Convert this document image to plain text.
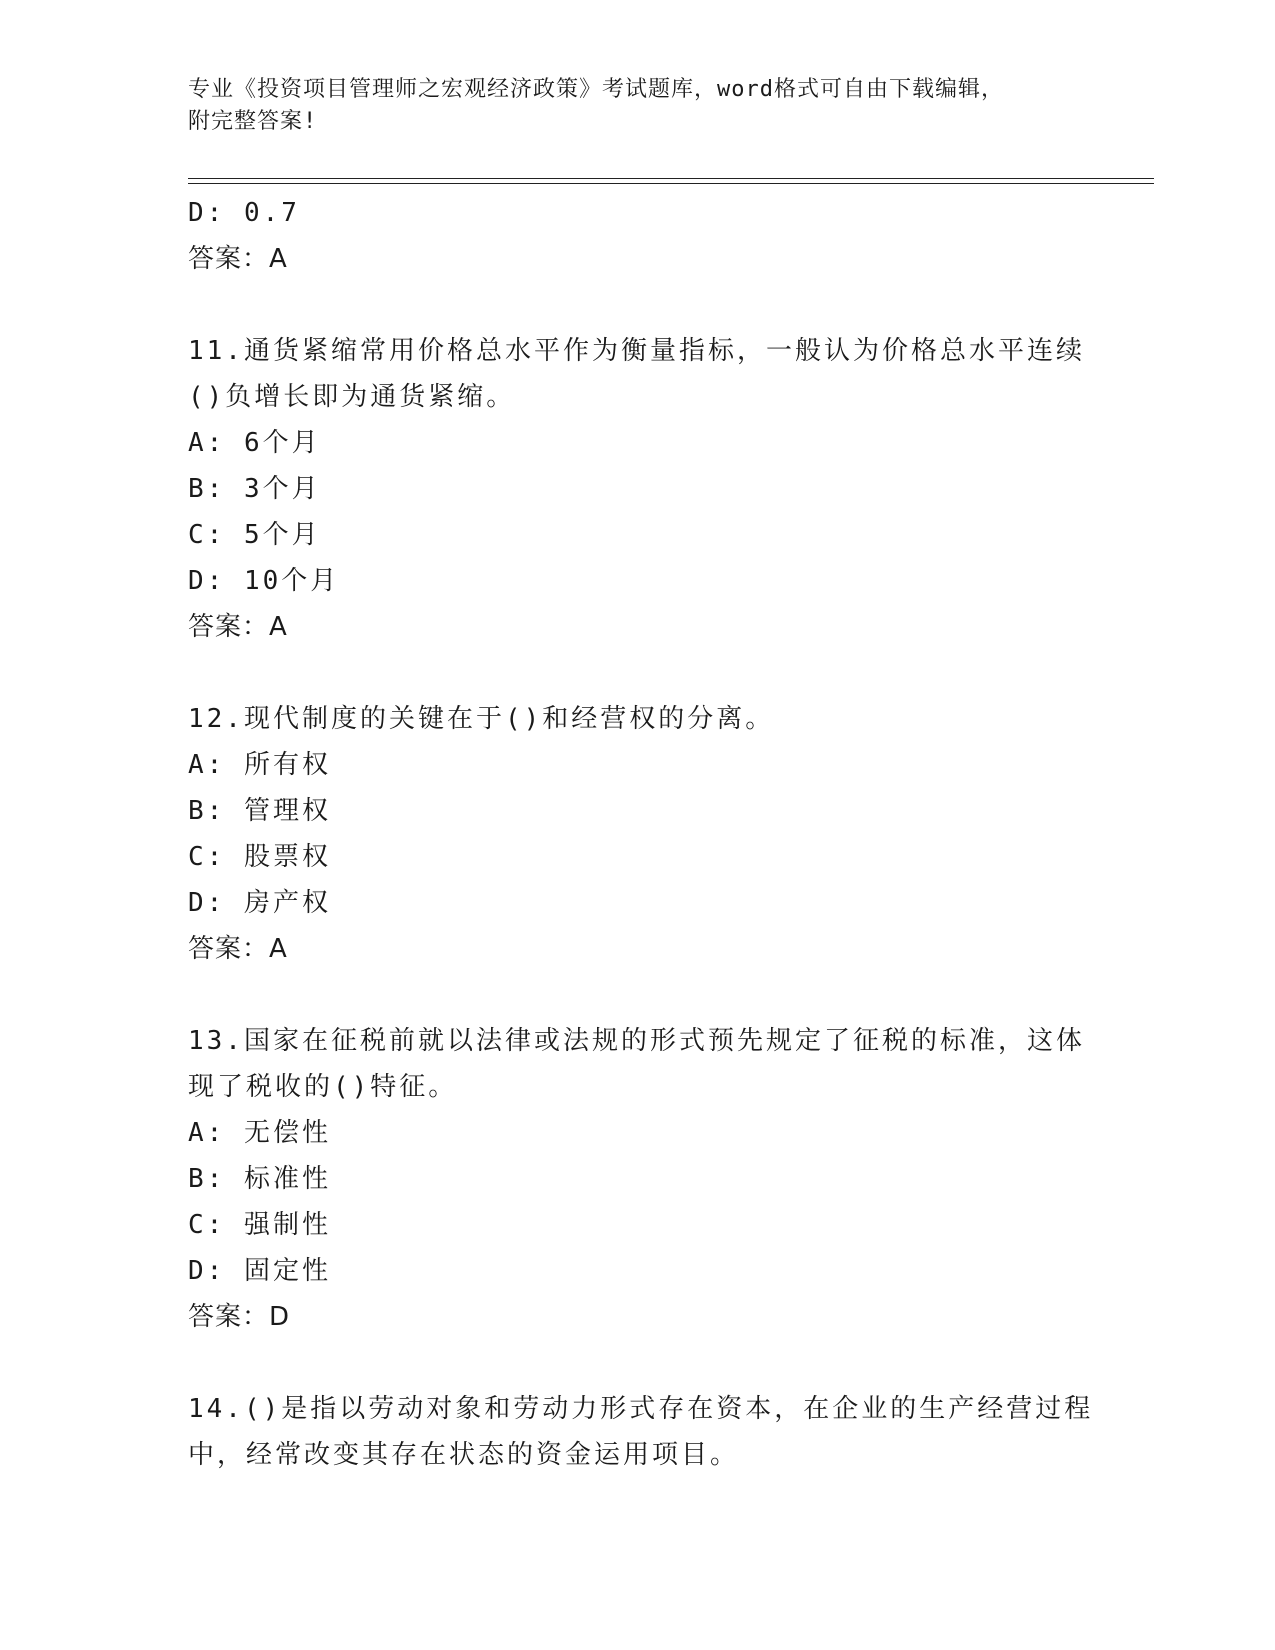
专业《投资项目管理师之宏观经济政策》考试题库，word格式可自由下载编辑，
附完整答案!
D: 0.7
答案：A
11.通货紧缩常用价格总水平作为衡量指标，一般认为价格总水平连续
()负增长即为通货紧缩。
A: 6个月
B: 3个月
C: 5个月
D: 10个月
答案：A
12.现代制度的关键在于()和经营权的分离。
A: 所有权
B: 管理权
C: 股票权
D: 房产权
答案：A
13.国家在征税前就以法律或法规的形式预先规定了征税的标准，这体
现了税收的()特征。
A: 无偿性
B: 标准性
C: 强制性
D: 固定性
答案：D
14.()是指以劳动对象和劳动力形式存在资本，在企业的生产经营过程
中，经常改变其存在状态的资金运用项目。
